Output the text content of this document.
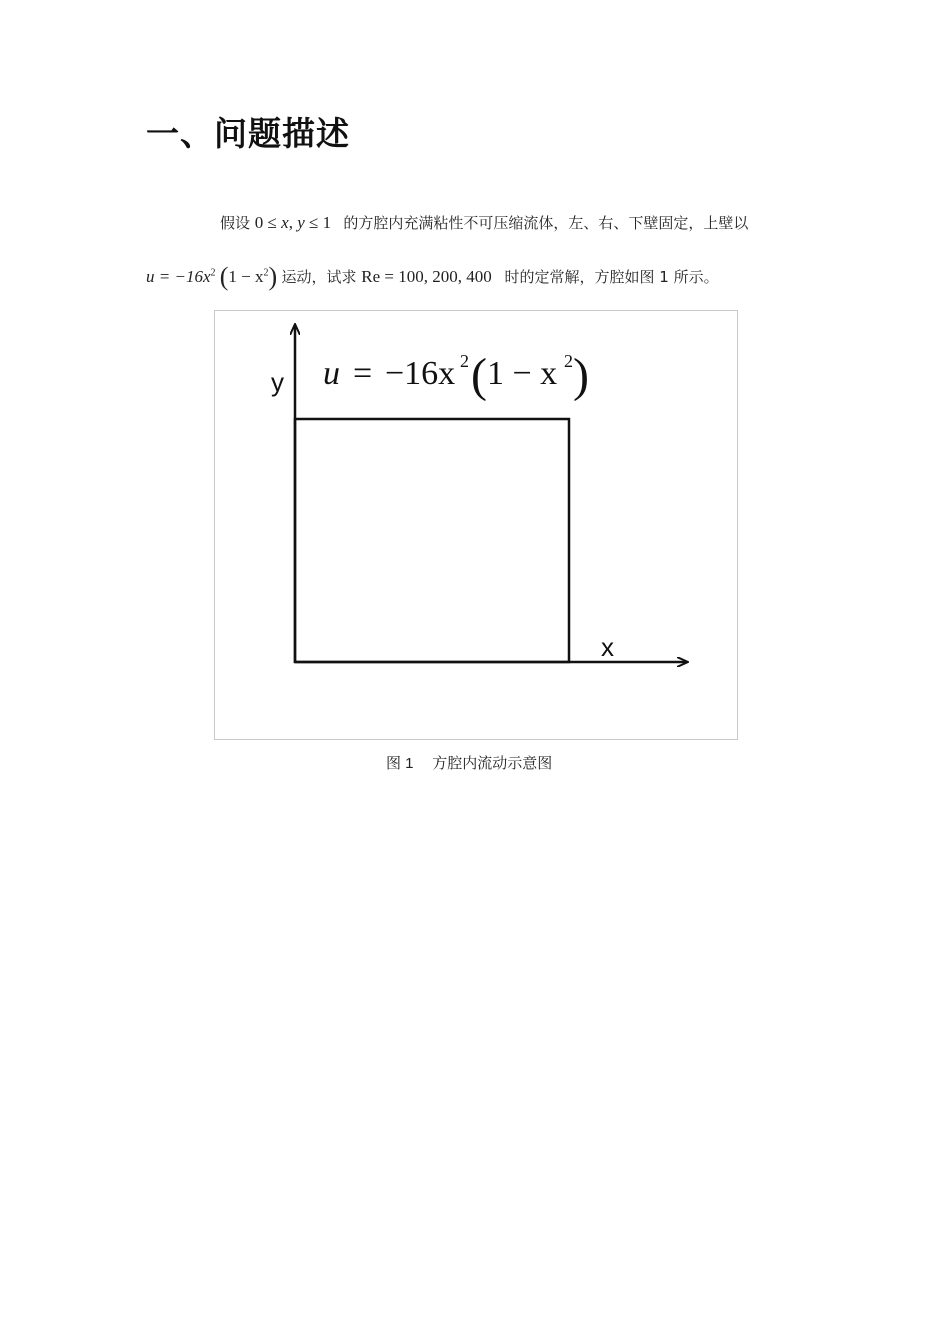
一、问题描述
假设 0 ≤ x, y ≤ 1 的方腔内充满粘性不可压缩流体，左、右、下壁固定，上壁以
$u = -16x^2$ $(1 - x^2)$ 运动，试求 Re = 100, 200, 400 时的定常解，方腔如图 1 所示。
y
x
u = −16x 2 ( 1 − x 2 )
图 1 方腔内流动示意图
